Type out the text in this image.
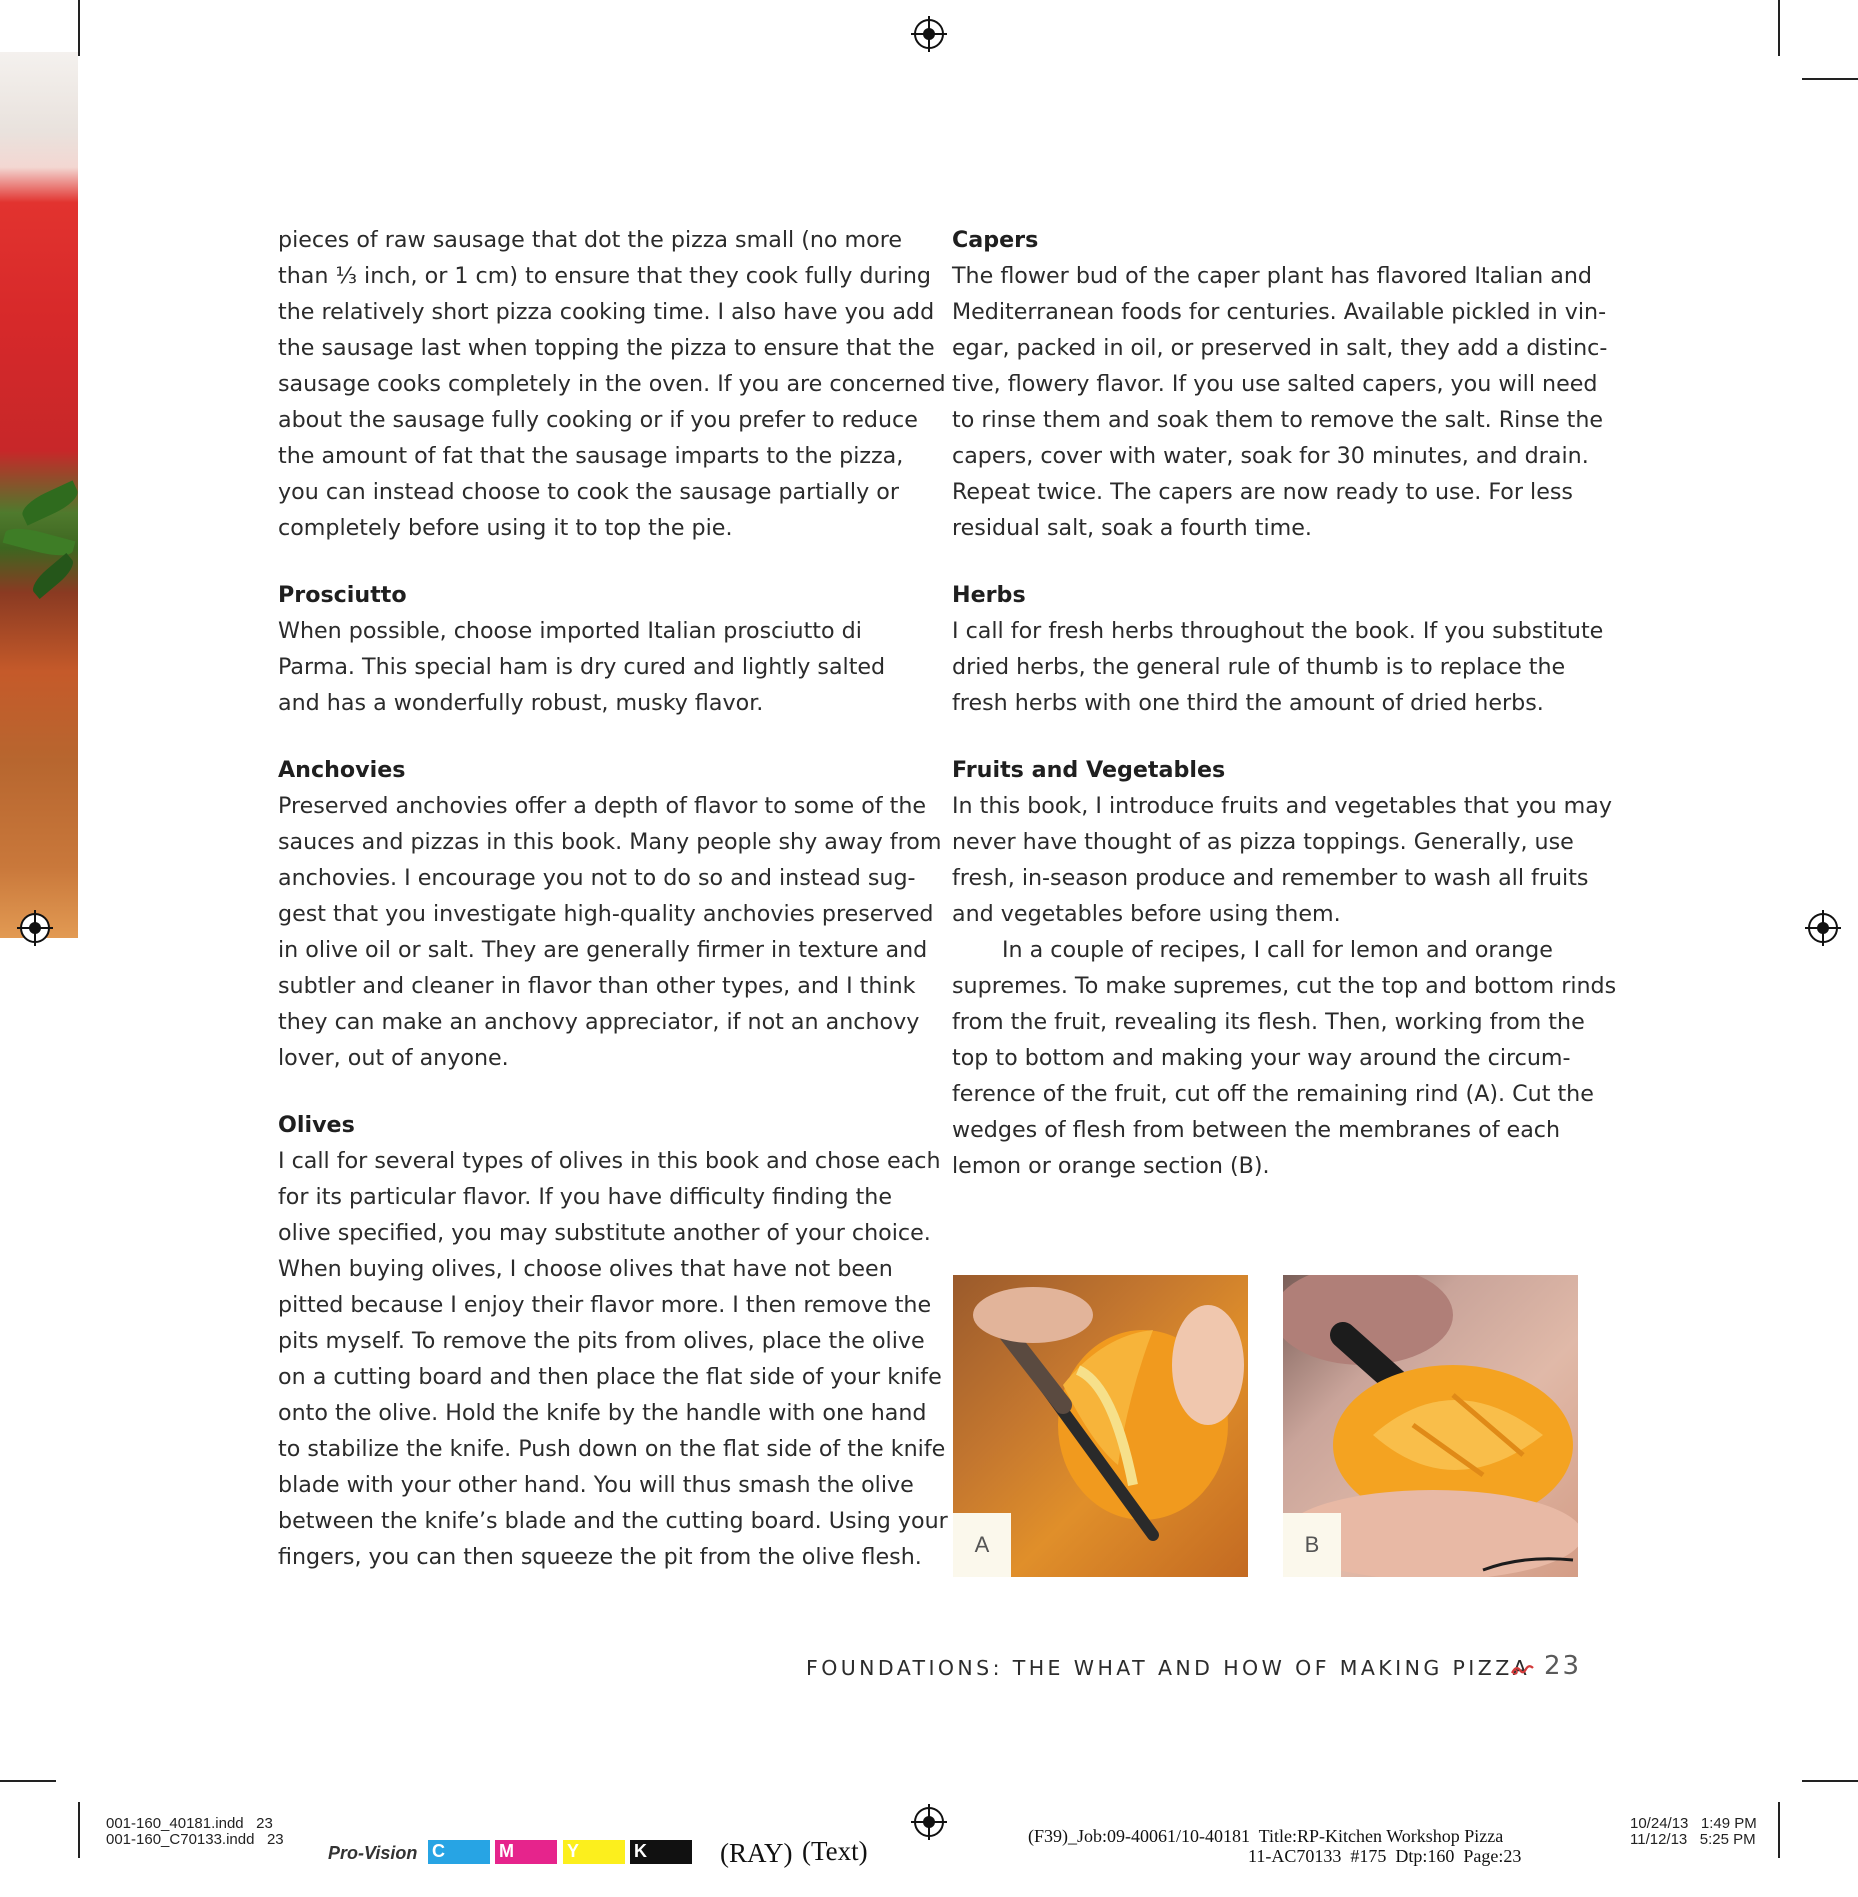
pieces of raw sausage that dot the pizza small (no more
than ⅓ inch, or 1 cm) to ensure that they cook fully during
the relatively short pizza cooking time. I also have you add
the sausage last when topping the pizza to ensure that the
sausage cooks completely in the oven. If you are concerned
about the sausage fully cooking or if you prefer to reduce
the amount of fat that the sausage imparts to the pizza,
you can instead choose to cook the sausage partially or
completely before using it to top the pie.

Prosciutto

When possible, choose imported Italian prosciutto di
Parma. This special ham is dry cured and lightly salted
and has a wonderfully robust, musky flavor.

Anchovies

Preserved anchovies offer a depth of flavor to some of the
sauces and pizzas in this book. Many people shy away from
anchovies. I encourage you not to do so and instead sug-
gest that you investigate high-quality anchovies preserved
in olive oil or salt. They are generally firmer in texture and
subtler and cleaner in flavor than other types, and I think
they can make an anchovy appreciator, if not an anchovy
lover, out of anyone.

Olives

I call for several types of olives in this book and chose each
for its particular flavor. If you have difficulty finding the
olive specified, you may substitute another of your choice.
When buying olives, I choose olives that have not been
pitted because I enjoy their flavor more. I then remove the
pits myself. To remove the pits from olives, place the olive
on a cutting board and then place the flat side of your knife
onto the olive. Hold the knife by the handle with one hand
to stabilize the knife. Push down on the flat side of the knife
blade with your other hand. You will thus smash the olive
between the knife’s blade and the cutting board. Using your
fingers, you can then squeeze the pit from the olive flesh.

Capers

The flower bud of the caper plant has flavored Italian and
Mediterranean foods for centuries. Available pickled in vin-
egar, packed in oil, or preserved in salt, they add a distinc-
tive, flowery flavor. If you use salted capers, you will need
to rinse them and soak them to remove the salt. Rinse the
capers, cover with water, soak for 30 minutes, and drain.
Repeat twice. The capers are now ready to use. For less
residual salt, soak a fourth time.

Herbs

I call for fresh herbs throughout the book. If you substitute
dried herbs, the general rule of thumb is to replace the
fresh herbs with one third the amount of dried herbs.

Fruits and Vegetables

In this book, I introduce fruits and vegetables that you may
never have thought of as pizza toppings. Generally, use
fresh, in-season produce and remember to wash all fruits
and vegetables before using them.

In a couple of recipes, I call for lemon and orange
supremes. To make supremes, cut the top and bottom rinds
from the fruit, revealing its flesh. Then, working from the
top to bottom and making your way around the circum-
ference of the fruit, cut off the remaining rind (A). Cut the
wedges of flesh from between the membranes of each
lemon or orange section (B).

A	B
FOUNDATIONS: THE WHAT AND HOW OF MAKING PIZZA 23
001-160_40181.indd   23
001-160_C70133.indd   23
Pro-Vision C	M	Y	K	(RAY) (Text)	(F39)_Job:09-40061/10-40181  Title:RP-Kitchen Workshop Pizza
11-AC70133  #175  Dtp:160  Page:23
10/24/13   1:49 PM
11/12/13   5:25 PM
